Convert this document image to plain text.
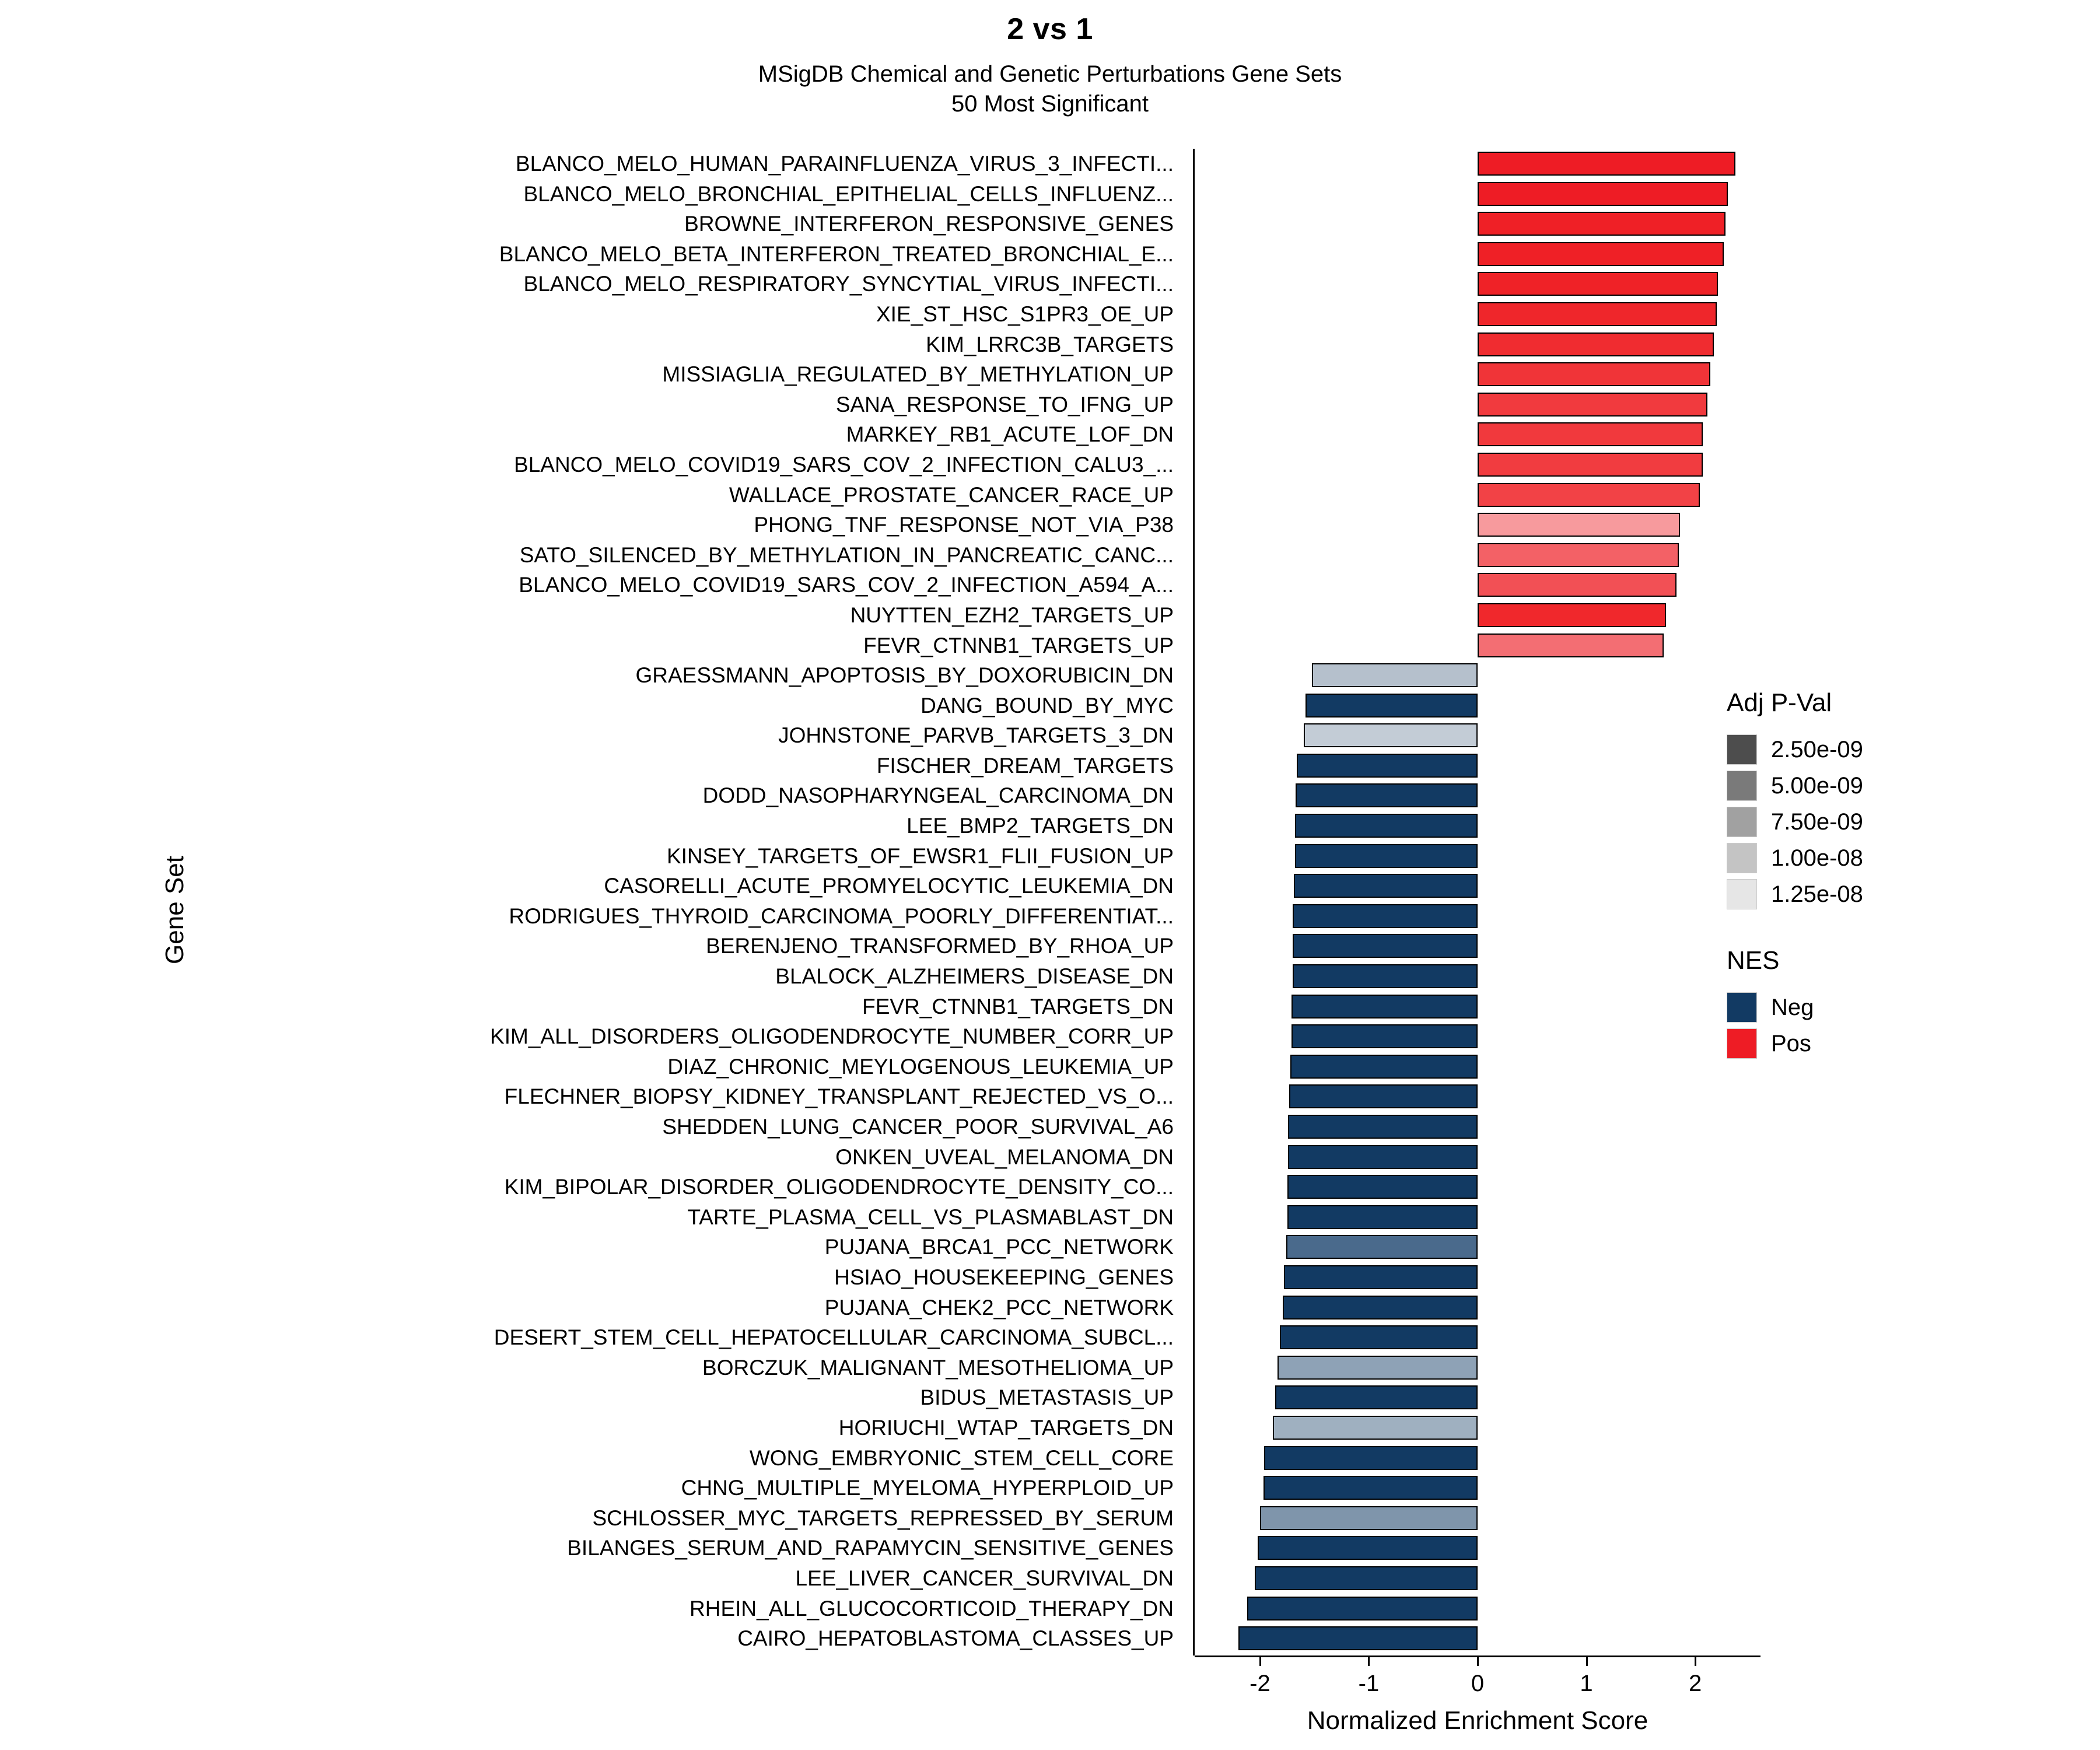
2 vs 1
MSigDB Chemical and Genetic Perturbations Gene Sets
50 Most Significant
Gene Set
BLANCO_MELO_HUMAN_PARAINFLUENZA_VIRUS_3_INFECTI...
BLANCO_MELO_BRONCHIAL_EPITHELIAL_CELLS_INFLUENZ...
BROWNE_INTERFERON_RESPONSIVE_GENES
BLANCO_MELO_BETA_INTERFERON_TREATED_BRONCHIAL_E...
BLANCO_MELO_RESPIRATORY_SYNCYTIAL_VIRUS_INFECTI...
XIE_ST_HSC_S1PR3_OE_UP
KIM_LRRC3B_TARGETS
MISSIAGLIA_REGULATED_BY_METHYLATION_UP
SANA_RESPONSE_TO_IFNG_UP
MARKEY_RB1_ACUTE_LOF_DN
BLANCO_MELO_COVID19_SARS_COV_2_INFECTION_CALU3_...
WALLACE_PROSTATE_CANCER_RACE_UP
PHONG_TNF_RESPONSE_NOT_VIA_P38
SATO_SILENCED_BY_METHYLATION_IN_PANCREATIC_CANC...
BLANCO_MELO_COVID19_SARS_COV_2_INFECTION_A594_A...
NUYTTEN_EZH2_TARGETS_UP
FEVR_CTNNB1_TARGETS_UP
GRAESSMANN_APOPTOSIS_BY_DOXORUBICIN_DN
DANG_BOUND_BY_MYC
JOHNSTONE_PARVB_TARGETS_3_DN
FISCHER_DREAM_TARGETS
DODD_NASOPHARYNGEAL_CARCINOMA_DN
LEE_BMP2_TARGETS_DN
KINSEY_TARGETS_OF_EWSR1_FLII_FUSION_UP
CASORELLI_ACUTE_PROMYELOCYTIC_LEUKEMIA_DN
RODRIGUES_THYROID_CARCINOMA_POORLY_DIFFERENTIAT...
BERENJENO_TRANSFORMED_BY_RHOA_UP
BLALOCK_ALZHEIMERS_DISEASE_DN
FEVR_CTNNB1_TARGETS_DN
KIM_ALL_DISORDERS_OLIGODENDROCYTE_NUMBER_CORR_UP
DIAZ_CHRONIC_MEYLOGENOUS_LEUKEMIA_UP
FLECHNER_BIOPSY_KIDNEY_TRANSPLANT_REJECTED_VS_O...
SHEDDEN_LUNG_CANCER_POOR_SURVIVAL_A6
ONKEN_UVEAL_MELANOMA_DN
KIM_BIPOLAR_DISORDER_OLIGODENDROCYTE_DENSITY_CO...
TARTE_PLASMA_CELL_VS_PLASMABLAST_DN
PUJANA_BRCA1_PCC_NETWORK
HSIAO_HOUSEKEEPING_GENES
PUJANA_CHEK2_PCC_NETWORK
DESERT_STEM_CELL_HEPATOCELLULAR_CARCINOMA_SUBCL...
BORCZUK_MALIGNANT_MESOTHELIOMA_UP
BIDUS_METASTASIS_UP
HORIUCHI_WTAP_TARGETS_DN
WONG_EMBRYONIC_STEM_CELL_CORE
CHNG_MULTIPLE_MYELOMA_HYPERPLOID_UP
SCHLOSSER_MYC_TARGETS_REPRESSED_BY_SERUM
BILANGES_SERUM_AND_RAPAMYCIN_SENSITIVE_GENES
LEE_LIVER_CANCER_SURVIVAL_DN
RHEIN_ALL_GLUCOCORTICOID_THERAPY_DN
CAIRO_HEPATOBLASTOMA_CLASSES_UP
-2	-1	0	1	2
Normalized Enrichment Score
Adj P-Val
2.50e-09
5.00e-09
7.50e-09
1.00e-08
1.25e-08
NES
Neg
Pos
